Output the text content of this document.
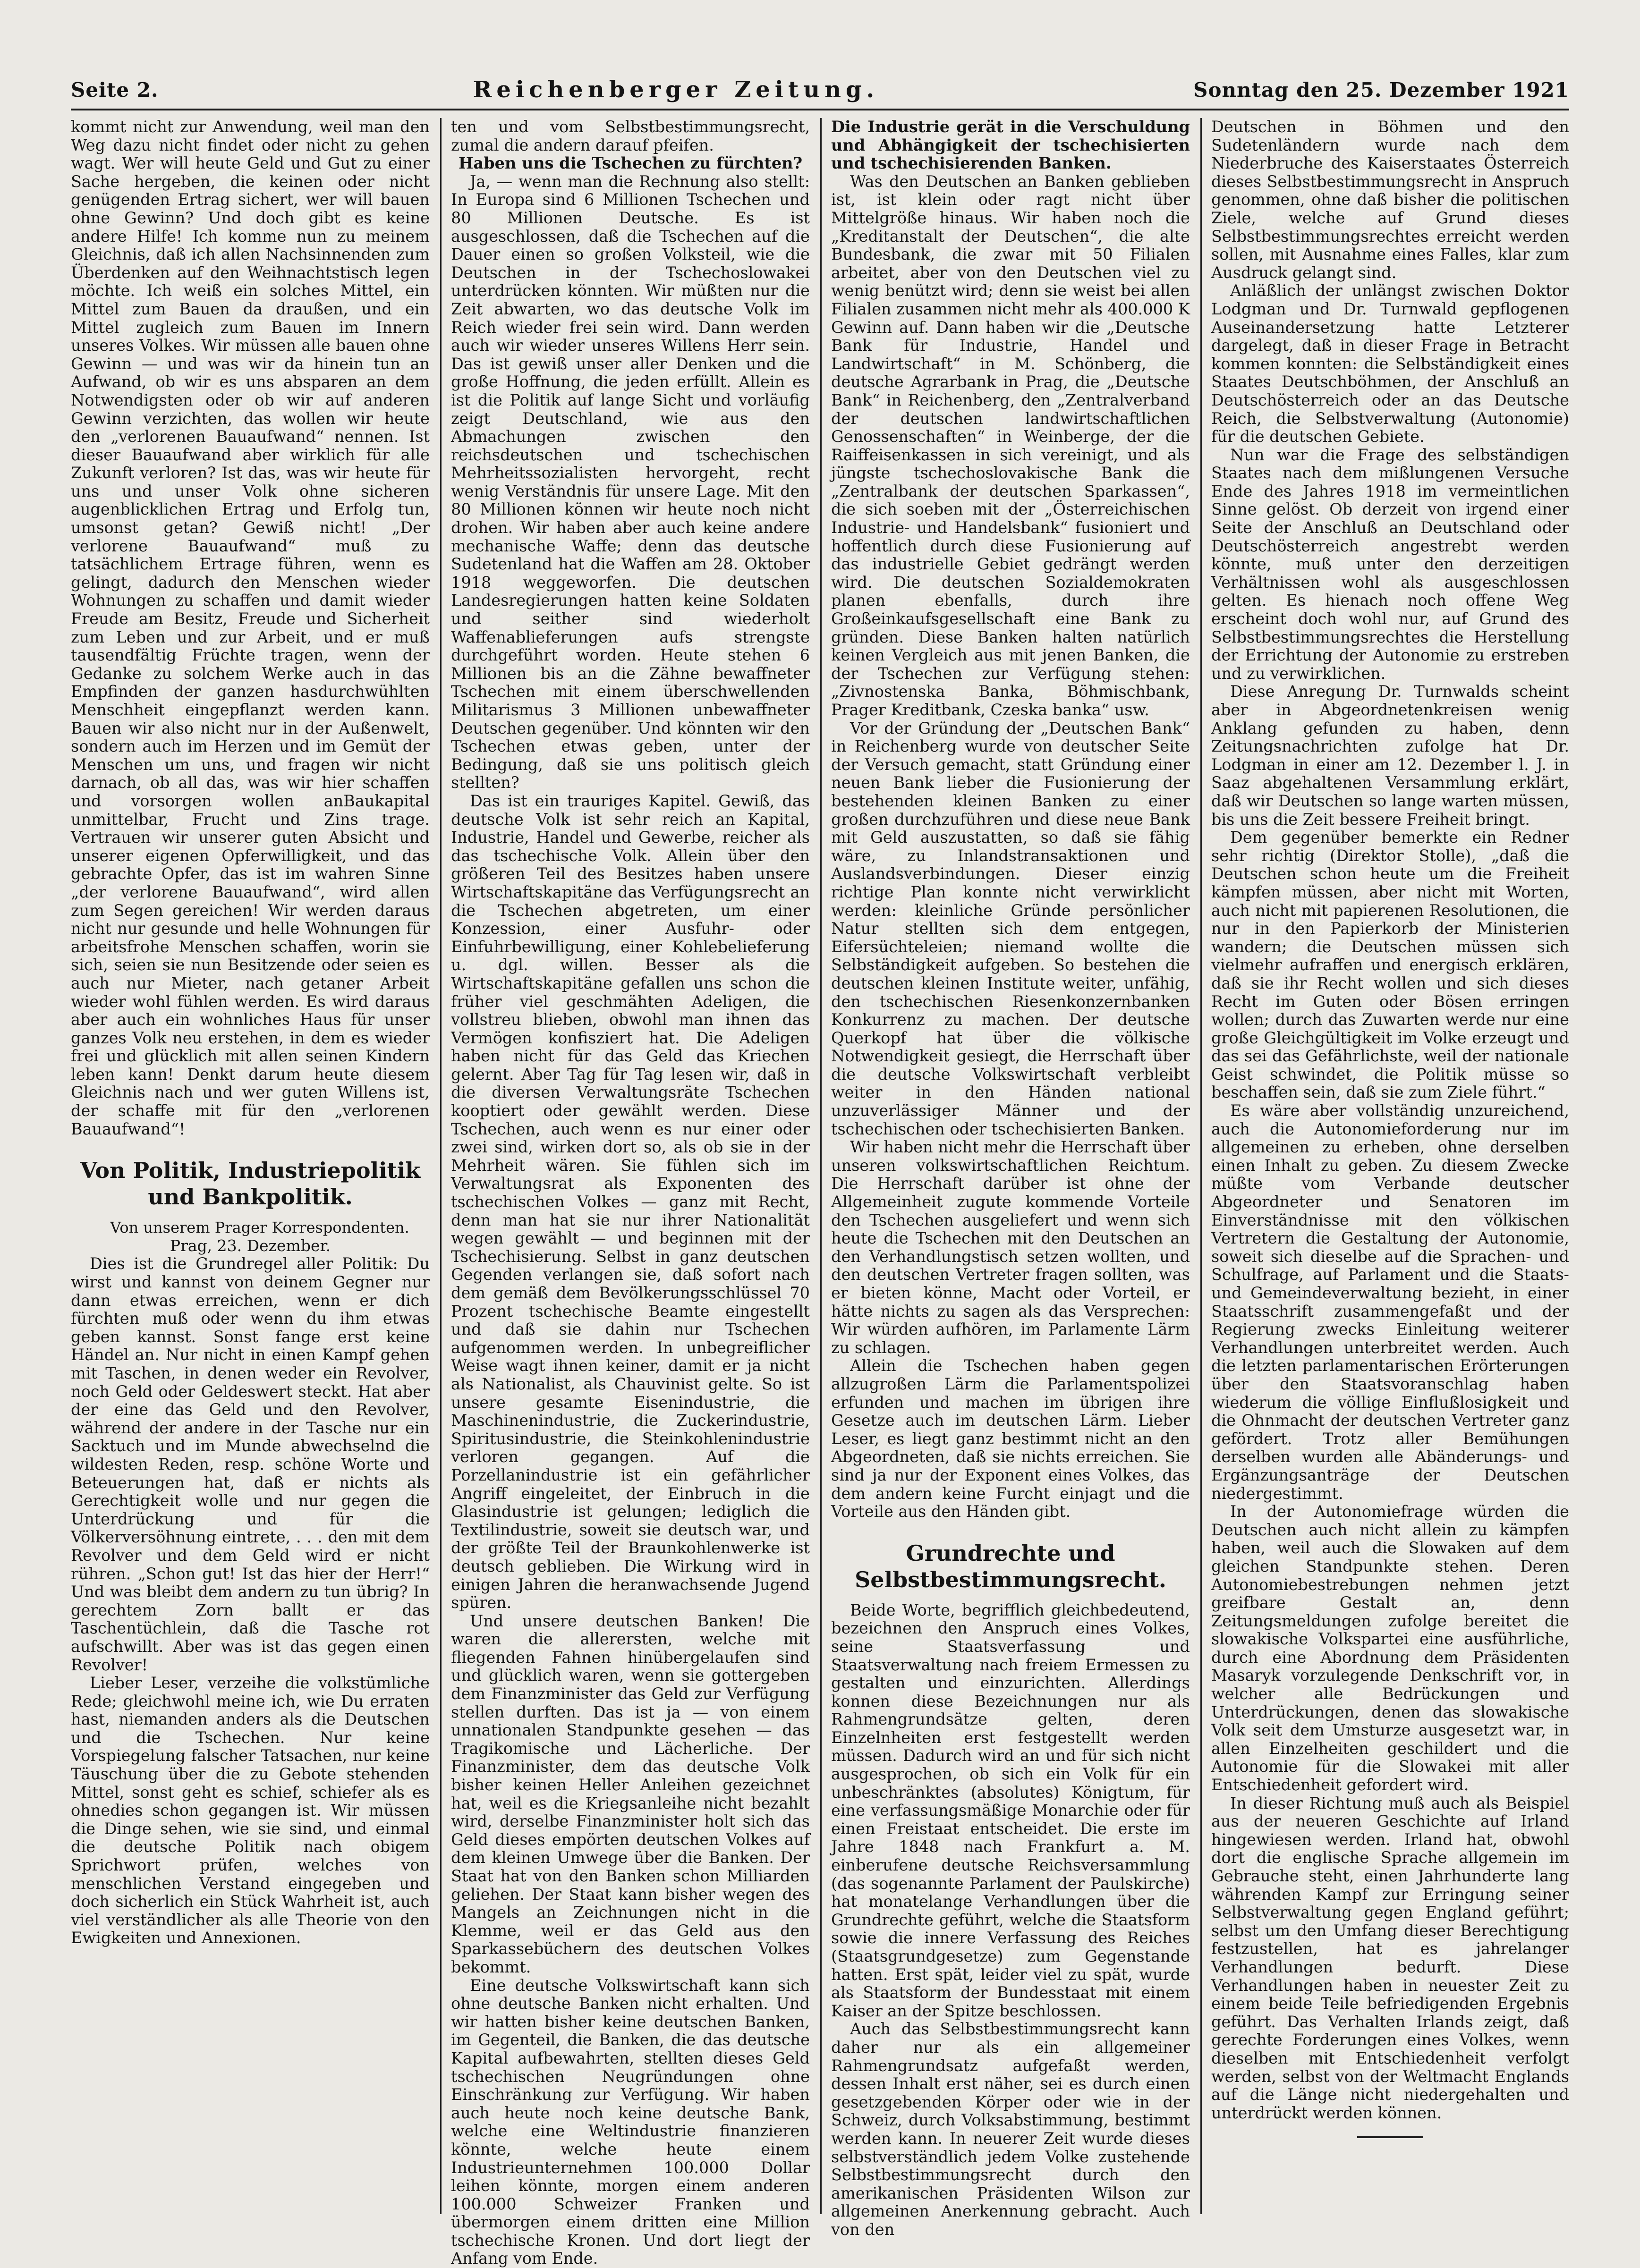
Seite 2.	Reichenberger Zeitung.	Sonntag den 25. Dezember 1921

kommt nicht zur Anwendung, weil man den Weg dazu nicht findet oder nicht zu gehen wagt. Wer will heute Geld und Gut zu einer Sache hergeben, die keinen oder nicht genügenden Ertrag sichert, wer will bauen ohne Gewinn? Und doch gibt es keine andere Hilfe! Ich komme nun zu meinem Gleichnis, daß ich allen Nachsinnenden zum Überdenken auf den Weihnachtstisch legen möchte. Ich weiß ein solches Mittel, ein Mittel zum Bauen da draußen, und ein Mittel zugleich zum Bauen im Innern unseres Volkes. Wir müssen alle bauen ohne Gewinn — und was wir da hinein tun an Aufwand, ob wir es uns absparen an dem Notwendigsten oder ob wir auf anderen Gewinn verzichten, das wollen wir heute den „verlorenen Bauaufwand“ nennen. Ist dieser Bauaufwand aber wirklich für alle Zukunft verloren? Ist das, was wir heute für uns und unser Volk ohne sicheren augenblicklichen Ertrag und Erfolg tun, umsonst getan? Gewiß nicht! „Der verlorene Bauaufwand“ muß zu tatsächlichem Ertrage führen, wenn es gelingt, dadurch den Menschen wieder Wohnungen zu schaffen und damit wieder Freude am Besitz, Freude und Sicherheit zum Leben und zur Arbeit, und er muß tausendfältig Früchte tragen, wenn der Gedanke zu solchem Werke auch in das Empfinden der ganzen hasdurchwühlten Menschheit eingepflanzt werden kann. Bauen wir also nicht nur in der Außenwelt, sondern auch im Herzen und im Gemüt der Menschen um uns, und fragen wir nicht darnach, ob all das, was wir hier schaffen und vorsorgen wollen anBaukapital unmittelbar, Frucht und Zins trage. Vertrauen wir unserer guten Absicht und unserer eigenen Opferwilligkeit, und das gebrachte Opfer, das ist im wahren Sinne „der verlorene Bauaufwand“, wird allen zum Segen gereichen! Wir werden daraus nicht nur gesunde und helle Wohnungen für arbeitsfrohe Menschen schaffen, worin sie sich, seien sie nun Besitzende oder seien es auch nur Mieter, nach getaner Arbeit wieder wohl fühlen werden. Es wird daraus aber auch ein wohnliches Haus für unser ganzes Volk neu erstehen, in dem es wieder frei und glücklich mit allen seinen Kindern leben kann! Denkt darum heute diesem Gleichnis nach und wer guten Willens ist, der schaffe mit für den „verlorenen Bauaufwand“!

Von Politik, Industriepolitik und Bankpolitik.

Von unserem Prager Korrespondenten.

Prag, 23. Dezember.

Dies ist die Grundregel aller Politik: Du wirst und kannst von deinem Gegner nur dann etwas erreichen, wenn er dich fürchten muß oder wenn du ihm etwas geben kannst. Sonst fange erst keine Händel an. Nur nicht in einen Kampf gehen mit Taschen, in denen weder ein Revolver, noch Geld oder Geldeswert steckt. Hat aber der eine das Geld und den Revolver, während der andere in der Tasche nur ein Sacktuch und im Munde abwechselnd die wildesten Reden, resp. schöne Worte und Beteuerungen hat, daß er nichts als Gerechtigkeit wolle und nur gegen die Unterdrückung und für die Völkerversöhnung eintrete, . . . den mit dem Revolver und dem Geld wird er nicht rühren. „Schon gut! Ist das hier der Herr!“ Und was bleibt dem andern zu tun übrig? In gerechtem Zorn ballt er das Taschentüchlein, daß die Tasche rot aufschwillt. Aber was ist das gegen einen Revolver!

Lieber Leser, verzeihe die volkstümliche Rede; gleichwohl meine ich, wie Du erraten hast, niemanden anders als die Deutschen und die Tschechen. Nur keine Vorspiegelung falscher Tatsachen, nur keine Täuschung über die zu Gebote stehenden Mittel, sonst geht es schief, schiefer als es ohnedies schon gegangen ist. Wir müssen die Dinge sehen, wie sie sind, und einmal die deutsche Politik nach obigem Sprichwort prüfen, welches von menschlichen Verstand eingegeben und doch sicherlich ein Stück Wahrheit ist, auch viel verständlicher als alle Theorie von den Ewigkeiten und Annexionen.

ten und vom Selbstbestimmungsrecht, zumal die andern darauf pfeifen.

Haben uns die Tschechen zu fürchten?

Ja, — wenn man die Rechnung also stellt: In Europa sind 6 Millionen Tschechen und 80 Millionen Deutsche. Es ist ausgeschlossen, daß die Tschechen auf die Dauer einen so großen Volksteil, wie die Deutschen in der Tschechoslowakei unterdrücken könnten. Wir müßten nur die Zeit abwarten, wo das deutsche Volk im Reich wieder frei sein wird. Dann werden auch wir wieder unseres Willens Herr sein. Das ist gewiß unser aller Denken und die große Hoffnung, die jeden erfüllt. Allein es ist die Politik auf lange Sicht und vorläufig zeigt Deutschland, wie aus den Abmachungen zwischen den reichsdeutschen und tschechischen Mehrheitssozialisten hervorgeht, recht wenig Verständnis für unsere Lage. Mit den 80 Millionen können wir heute noch nicht drohen. Wir haben aber auch keine andere mechanische Waffe; denn das deutsche Sudetenland hat die Waffen am 28. Oktober 1918 weggeworfen. Die deutschen Landesregierungen hatten keine Soldaten und seither sind wiederholt Waffenablieferungen aufs strengste durchgeführt worden. Heute stehen 6 Millionen bis an die Zähne bewaffneter Tschechen mit einem überschwellenden Militarismus 3 Millionen unbewaffneter Deutschen gegenüber. Und könnten wir den Tschechen etwas geben, unter der Bedingung, daß sie uns politisch gleich stellten?

Das ist ein trauriges Kapitel. Gewiß, das deutsche Volk ist sehr reich an Kapital, Industrie, Handel und Gewerbe, reicher als das tschechische Volk. Allein über den größeren Teil des Besitzes haben unsere Wirtschaftskapitäne das Verfügungsrecht an die Tschechen abgetreten, um einer Konzession, einer Ausfuhr- oder Einfuhrbewilligung, einer Kohlebelieferung u. dgl. willen. Besser als die Wirtschaftskapitäne gefallen uns schon die früher viel geschmähten Adeligen, die vollstreu blieben, obwohl man ihnen das Vermögen konfisziert hat. Die Adeligen haben nicht für das Geld das Kriechen gelernt. Aber Tag für Tag lesen wir, daß in die diversen Verwaltungsräte Tschechen kooptiert oder gewählt werden. Diese Tschechen, auch wenn es nur einer oder zwei sind, wirken dort so, als ob sie in der Mehrheit wären. Sie fühlen sich im Verwaltungsrat als Exponenten des tschechischen Volkes — ganz mit Recht, denn man hat sie nur ihrer Nationalität wegen gewählt — und beginnen mit der Tschechisierung. Selbst in ganz deutschen Gegenden verlangen sie, daß sofort nach dem gemäß dem Bevölkerungsschlüssel 70 Prozent tschechische Beamte eingestellt und daß sie dahin nur Tschechen aufgenommen werden. In unbegreiflicher Weise wagt ihnen keiner, damit er ja nicht als Nationalist, als Chauvinist gelte. So ist unsere gesamte Eisenindustrie, die Maschinenindustrie, die Zuckerindustrie, Spiritusindustrie, die Steinkohlenindustrie verloren gegangen. Auf die Porzellanindustrie ist ein gefährlicher Angriff eingeleitet, der Einbruch in die Glasindustrie ist gelungen; lediglich die Textilindustrie, soweit sie deutsch war, und der größte Teil der Braunkohlenwerke ist deutsch geblieben. Die Wirkung wird in einigen Jahren die heranwachsende Jugend spüren.

Und unsere deutschen Banken! Die waren die allerersten, welche mit fliegenden Fahnen hinübergelaufen sind und glücklich waren, wenn sie gottergeben dem Finanzminister das Geld zur Verfügung stellen durften. Das ist ja — von einem unnationalen Standpunkte gesehen — das Tragikomische und Lächerliche. Der Finanzminister, dem das deutsche Volk bisher keinen Heller Anleihen gezeichnet hat, weil es die Kriegsanleihe nicht bezahlt wird, derselbe Finanzminister holt sich das Geld dieses empörten deutschen Volkes auf dem kleinen Umwege über die Banken. Der Staat hat von den Banken schon Milliarden geliehen. Der Staat kann bisher wegen des Mangels an Zeichnungen nicht in die Klemme, weil er das Geld aus den Sparkassebüchern des deutschen Volkes bekommt.

Eine deutsche Volkswirtschaft kann sich ohne deutsche Banken nicht erhalten. Und wir hatten bisher keine deutschen Banken, im Gegenteil, die Banken, die das deutsche Kapital aufbewahrten, stellten dieses Geld tschechischen Neugründungen ohne Einschränkung zur Verfügung. Wir haben auch heute noch keine deutsche Bank, welche eine Weltindustrie finanzieren könnte, welche heute einem Industrieunternehmen 100.000 Dollar leihen könnte, morgen einem anderen 100.000 Schweizer Franken und übermorgen einem dritten eine Million tschechische Kronen. Und dort liegt der Anfang vom Ende.

Die Industrie gerät in die Verschuldung und Abhängigkeit der tschechisierten und tschechisierenden Banken.

Was den Deutschen an Banken geblieben ist, ist klein oder ragt nicht über Mittelgröße hinaus. Wir haben noch die „Kreditanstalt der Deutschen“, die alte Bundesbank, die zwar mit 50 Filialen arbeitet, aber von den Deutschen viel zu wenig benützt wird; denn sie weist bei allen Filialen zusammen nicht mehr als 400.000 K Gewinn auf. Dann haben wir die „Deutsche Bank für Industrie, Handel und Landwirtschaft“ in M. Schönberg, die deutsche Agrarbank in Prag, die „Deutsche Bank“ in Reichenberg, den „Zentralverband der deutschen landwirtschaftlichen Genossenschaften“ in Weinberge, der die Raiffeisenkassen in sich vereinigt, und als jüngste tschechoslovakische Bank die „Zentralbank der deutschen Sparkassen“, die sich soeben mit der „Österreichischen Industrie- und Handelsbank“ fusioniert und hoffentlich durch diese Fusionierung auf das industrielle Gebiet gedrängt werden wird. Die deutschen Sozialdemokraten planen ebenfalls, durch ihre Großeinkaufsgesellschaft eine Bank zu gründen. Diese Banken halten natürlich keinen Vergleich aus mit jenen Banken, die der Tschechen zur Verfügung stehen: „Zivnostenska Banka, Böhmischbank, Prager Kreditbank, Czeska banka“ usw.

Vor der Gründung der „Deutschen Bank“ in Reichenberg wurde von deutscher Seite der Versuch gemacht, statt Gründung einer neuen Bank lieber die Fusionierung der bestehenden kleinen Banken zu einer großen durchzuführen und diese neue Bank mit Geld auszustatten, so daß sie fähig wäre, zu Inlandstransaktionen und Auslandsverbindungen. Dieser einzig richtige Plan konnte nicht verwirklicht werden: kleinliche Gründe persönlicher Natur stellten sich dem entgegen, Eifersüchteleien; niemand wollte die Selbständigkeit aufgeben. So bestehen die deutschen kleinen Institute weiter, unfähig, den tschechischen Riesenkonzernbanken Konkurrenz zu machen. Der deutsche Querkopf hat über die völkische Notwendigkeit gesiegt, die Herrschaft über die deutsche Volkswirtschaft verbleibt weiter in den Händen national unzuverlässiger Männer und der tschechischen oder tschechisierten Banken.

Wir haben nicht mehr die Herrschaft über unseren volkswirtschaftlichen Reichtum. Die Herrschaft darüber ist ohne der Allgemeinheit zugute kommende Vorteile den Tschechen ausgeliefert und wenn sich heute die Tschechen mit den Deutschen an den Verhandlungstisch setzen wollten, und den deutschen Vertreter fragen sollten, was er bieten könne, Macht oder Vorteil, er hätte nichts zu sagen als das Versprechen: Wir würden aufhören, im Parlamente Lärm zu schlagen.

Allein die Tschechen haben gegen allzugroßen Lärm die Parlamentspolizei erfunden und machen im übrigen ihre Gesetze auch im deutschen Lärm. Lieber Leser, es liegt ganz bestimmt nicht an den Abgeordneten, daß sie nichts erreichen. Sie sind ja nur der Exponent eines Volkes, das dem andern keine Furcht einjagt und die Vorteile aus den Händen gibt.

Grundrechte und Selbstbestimmungsrecht.

Beide Worte, begrifflich gleichbedeutend, bezeichnen den Anspruch eines Volkes, seine Staatsverfassung und Staatsverwaltung nach freiem Ermessen zu gestalten und einzurichten. Allerdings konnen diese Bezeichnungen nur als Rahmengrundsätze gelten, deren Einzelnheiten erst festgestellt werden müssen. Dadurch wird an und für sich nicht ausgesprochen, ob sich ein Volk für ein unbeschränktes (absolutes) Königtum, für eine verfassungsmäßige Monarchie oder für einen Freistaat entscheidet. Die erste im Jahre 1848 nach Frankfurt a. M. einberufene deutsche Reichsversammlung (das sogenannte Parlament der Paulskirche) hat monatelange Verhandlungen über die Grundrechte geführt, welche die Staatsform sowie die innere Verfassung des Reiches (Staatsgrundgesetze) zum Gegenstande hatten. Erst spät, leider viel zu spät, wurde als Staatsform der Bundesstaat mit einem Kaiser an der Spitze beschlossen.

Auch das Selbstbestimmungsrecht kann daher nur als ein allgemeiner Rahmengrundsatz aufgefaßt werden, dessen Inhalt erst näher, sei es durch einen gesetzgebenden Körper oder wie in der Schweiz, durch Volksabstimmung, bestimmt werden kann. In neuerer Zeit wurde dieses selbstverständlich jedem Volke zustehende Selbstbestimmungsrecht durch den amerikanischen Präsidenten Wilson zur allgemeinen Anerkennung gebracht. Auch von den

Deutschen in Böhmen und den Sudetenländern wurde nach dem Niederbruche des Kaiserstaates Österreich dieses Selbstbestimmungsrecht in Anspruch genommen, ohne daß bisher die politischen Ziele, welche auf Grund dieses Selbstbestimmungsrechtes erreicht werden sollen, mit Ausnahme eines Falles, klar zum Ausdruck gelangt sind.

Anläßlich der unlängst zwischen Doktor Lodgman und Dr. Turnwald gepflogenen Auseinandersetzung hatte Letzterer dargelegt, daß in dieser Frage in Betracht kommen konnten: die Selbständigkeit eines Staates Deutschböhmen, der Anschluß an Deutschösterreich oder an das Deutsche Reich, die Selbstverwaltung (Autonomie) für die deutschen Gebiete.

Nun war die Frage des selbständigen Staates nach dem mißlungenen Versuche Ende des Jahres 1918 im vermeintlichen Sinne gelöst. Ob derzeit von irgend einer Seite der Anschluß an Deutschland oder Deutschösterreich angestrebt werden könnte, muß unter den derzeitigen Verhältnissen wohl als ausgeschlossen gelten. Es hienach noch offene Weg erscheint doch wohl nur, auf Grund des Selbstbestimmungsrechtes die Herstellung der Errichtung der Autonomie zu erstreben und zu verwirklichen.

Diese Anregung Dr. Turnwalds scheint aber in Abgeordnetenkreisen wenig Anklang gefunden zu haben, denn Zeitungsnachrichten zufolge hat Dr. Lodgman in einer am 12. Dezember l. J. in Saaz abgehaltenen Versammlung erklärt, daß wir Deutschen so lange warten müssen, bis uns die Zeit bessere Freiheit bringt.

Dem gegenüber bemerkte ein Redner sehr richtig (Direktor Stolle), „daß die Deutschen schon heute um die Freiheit kämpfen müssen, aber nicht mit Worten, auch nicht mit papierenen Resolutionen, die nur in den Papierkorb der Ministerien wandern; die Deutschen müssen sich vielmehr aufraffen und energisch erklären, daß sie ihr Recht wollen und sich dieses Recht im Guten oder Bösen erringen wollen; durch das Zuwarten werde nur eine große Gleichgültigkeit im Volke erzeugt und das sei das Gefährlichste, weil der nationale Geist schwindet, die Politik müsse so beschaffen sein, daß sie zum Ziele führt.“

Es wäre aber vollständig unzureichend, auch die Autonomieforderung nur im allgemeinen zu erheben, ohne derselben einen Inhalt zu geben. Zu diesem Zwecke müßte vom Verbande deutscher Abgeordneter und Senatoren im Einverständnisse mit den völkischen Vertretern die Gestaltung der Autonomie, soweit sich dieselbe auf die Sprachen- und Schulfrage, auf Parlament und die Staats- und Gemeindeverwaltung bezieht, in einer Staatsschrift zusammengefaßt und der Regierung zwecks Einleitung weiterer Verhandlungen unterbreitet werden. Auch die letzten parlamentarischen Erörterungen über den Staatsvoranschlag haben wiederum die völlige Einflußlosigkeit und die Ohnmacht der deutschen Vertreter ganz gefördert. Trotz aller Bemühungen derselben wurden alle Abänderungs- und Ergänzungsanträge der Deutschen niedergestimmt.

In der Autonomiefrage würden die Deutschen auch nicht allein zu kämpfen haben, weil auch die Slowaken auf dem gleichen Standpunkte stehen. Deren Autonomiebestrebungen nehmen jetzt greifbare Gestalt an, denn Zeitungsmeldungen zufolge bereitet die slowakische Volkspartei eine ausführliche, durch eine Abordnung dem Präsidenten Masaryk vorzulegende Denkschrift vor, in welcher alle Bedrückungen und Unterdrückungen, denen das slowakische Volk seit dem Umsturze ausgesetzt war, in allen Einzelheiten geschildert und die Autonomie für die Slowakei mit aller Entschiedenheit gefordert wird.

In dieser Richtung muß auch als Beispiel aus der neueren Geschichte auf Irland hingewiesen werden. Irland hat, obwohl dort die englische Sprache allgemein im Gebrauche steht, einen Jahrhunderte lang währenden Kampf zur Erringung seiner Selbstverwaltung gegen England geführt; selbst um den Umfang dieser Berechtigung festzustellen, hat es jahrelanger Verhandlungen bedurft. Diese Verhandlungen haben in neuester Zeit zu einem beide Teile befriedigenden Ergebnis geführt. Das Verhalten Irlands zeigt, daß gerechte Forderungen eines Volkes, wenn dieselben mit Entschiedenheit verfolgt werden, selbst von der Weltmacht Englands auf die Länge nicht niedergehalten und unterdrückt werden können.
